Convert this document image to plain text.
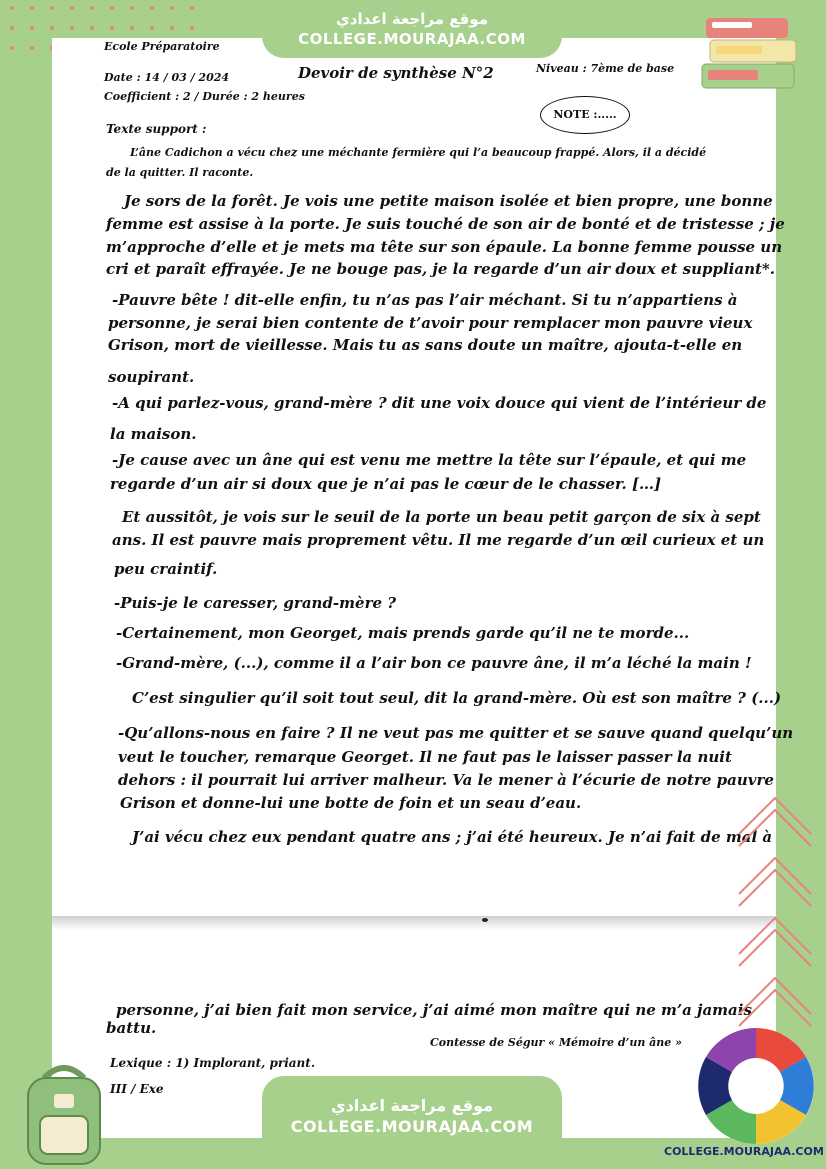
Ecole Préparatoire
Date : 14 / 03 / 2024	Devoir de synthèse N°2	Niveau : 7ème de base
Coefficient : 2 / Durée : 2 heures
NOTE :.....
Texte support :
L’âne Cadichon a vécu chez une méchante fermière qui l’a beaucoup frappé. Alors, il a décidé
de la quitter. Il raconte.
Je sors de la forêt. Je vois une petite maison isolée et bien propre, une bonne
femme est assise à la porte. Je suis touché de son air de bonté et de tristesse ; je
m’approche d’elle et je mets ma tête sur son épaule. La bonne femme pousse un
cri et paraît effrayée. Je ne bouge pas, je la regarde d’un air doux et suppliant*.
-Pauvre bête ! dit-elle enfin, tu n’as pas l’air méchant. Si tu n’appartiens à
personne, je serai bien contente de t’avoir pour remplacer mon pauvre vieux
Grison, mort de vieillesse. Mais tu as sans doute un maître, ajouta-t-elle en
soupirant.
-A qui parlez-vous, grand-mère ? dit une voix douce qui vient de l’intérieur de
la maison.
-Je cause avec un âne qui est venu me mettre la tête sur l’épaule, et qui me
regarde d’un air si doux que je n’ai pas le cœur de le chasser. […]
Et aussitôt, je vois sur le seuil de la porte un beau petit garçon de six à sept
ans. Il est pauvre mais proprement vêtu. Il me regarde d’un œil curieux et un
peu craintif.
-Puis-je le caresser, grand-mère ?
-Certainement, mon Georget, mais prends garde qu’il ne te morde...
-Grand-mère, (...), comme il a l’air bon ce pauvre âne, il m’a léché la main !
C’est singulier qu’il soit tout seul, dit la grand-mère. Où est son maître ? (...)
-Qu’allons-nous en faire ? Il ne veut pas me quitter et se sauve quand quelqu’un
veut le toucher, remarque Georget. Il ne faut pas le laisser passer la nuit
dehors : il pourrait lui arriver malheur. Va le mener à l’écurie de notre pauvre
Grison et donne-lui une botte de foin et un seau d’eau.
J’ai vécu chez eux pendant quatre ans ; j’ai été heureux. Je n’ai fait de mal à
personne, j’ai bien fait mon service, j’ai aimé mon maître qui ne m’a jamais
battu.
Contesse de Ségur « Mémoire d’un âne »
Lexique : 1) Implorant, priant.
III / Exe
موقع مراجعة اعدادي
COLLEGE.MOURAJAA.COM
موقع مراجعة اعدادي
COLLEGE.MOURAJAA.COM
COLLEGE.MOURAJAA.COM
